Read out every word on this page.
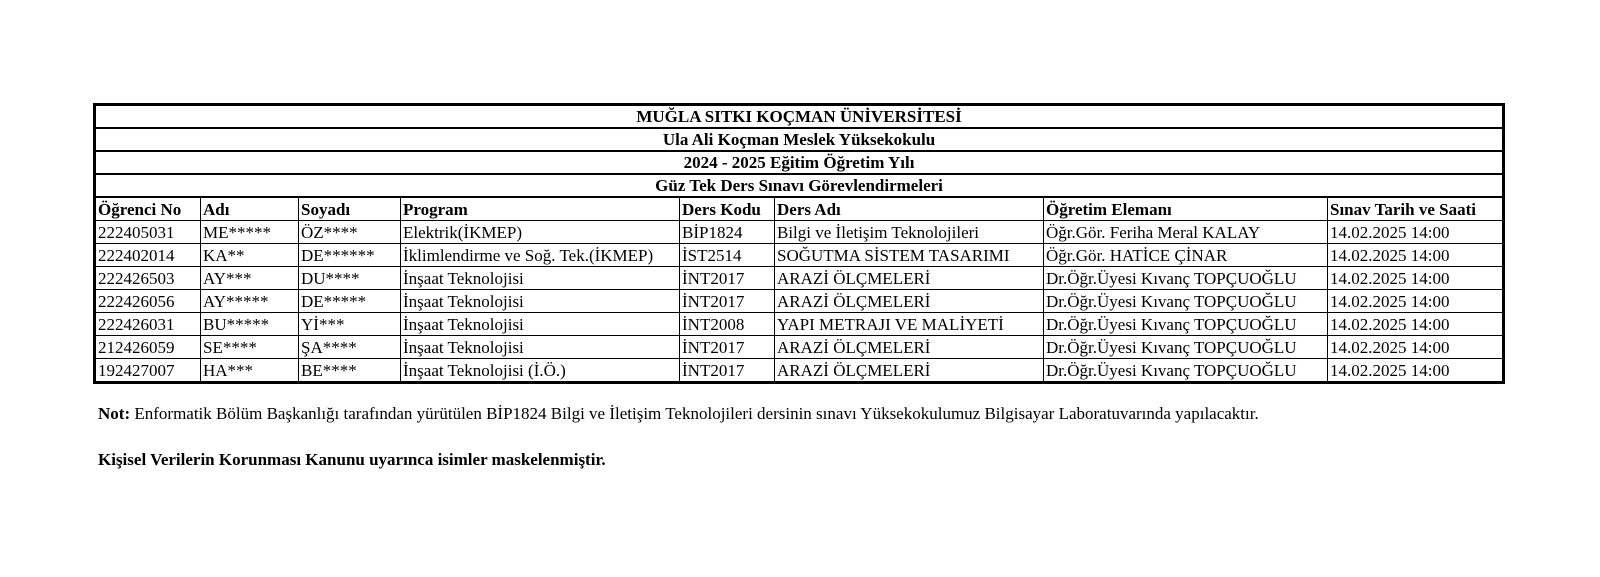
MUĞLA SITKI KOÇMAN ÜNİVERSİTESİ							
Ula Ali Koçman Meslek Yüksekokulu							
2024 - 2025 Eğitim Öğretim Yılı							
Güz Tek Ders Sınavı Görevlendirmeleri							
Öğrenci No	Adı	Soyadı	Program	Ders Kodu	Ders Adı	Öğretim Elemanı	Sınav Tarih ve Saati
222405031	ME*****	ÖZ****	Elektrik(İKMEP)	BİP1824	Bilgi ve İletişim Teknolojileri	Öğr.Gör. Feriha Meral KALAY	14.02.2025 14:00
222402014	KA**	DE******	İklimlendirme ve Soğ. Tek.(İKMEP)	İST2514	SOĞUTMA SİSTEM TASARIMI	Öğr.Gör. HATİCE ÇİNAR	14.02.2025 14:00
222426503	AY***	DU****	İnşaat Teknolojisi	İNT2017	ARAZİ ÖLÇMELERİ	Dr.Öğr.Üyesi Kıvanç TOPÇUOĞLU	14.02.2025 14:00
222426056	AY*****	DE*****	İnşaat Teknolojisi	İNT2017	ARAZİ ÖLÇMELERİ	Dr.Öğr.Üyesi Kıvanç TOPÇUOĞLU	14.02.2025 14:00
222426031	BU*****	Yİ***	İnşaat Teknolojisi	İNT2008	YAPI METRAJI VE MALİYETİ	Dr.Öğr.Üyesi Kıvanç TOPÇUOĞLU	14.02.2025 14:00
212426059	SE****	ŞA****	İnşaat Teknolojisi	İNT2017	ARAZİ ÖLÇMELERİ	Dr.Öğr.Üyesi Kıvanç TOPÇUOĞLU	14.02.2025 14:00
192427007	HA***	BE****	İnşaat Teknolojisi (İ.Ö.)	İNT2017	ARAZİ ÖLÇMELERİ	Dr.Öğr.Üyesi Kıvanç TOPÇUOĞLU	14.02.2025 14:00
Not: Enformatik Bölüm Başkanlığı tarafından yürütülen BİP1824 Bilgi ve İletişim Teknolojileri dersinin sınavı Yüksekokulumuz Bilgisayar Laboratuvarında yapılacaktır.
Kişisel Verilerin Korunması Kanunu uyarınca isimler maskelenmiştir.
